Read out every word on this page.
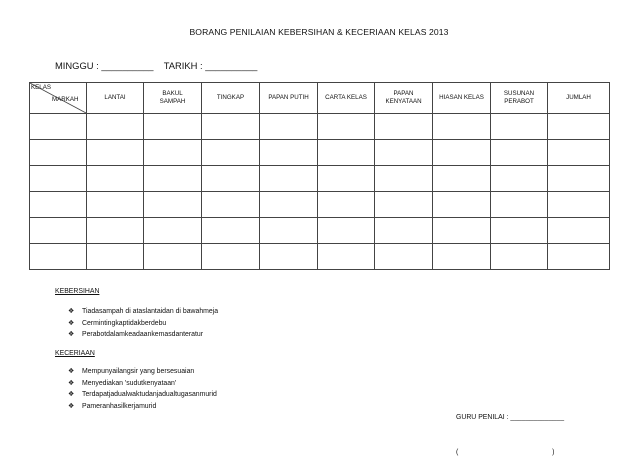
BORANG PENILAIAN KEBERSIHAN & KECERIAAN KELAS 2013
MINGGU : __________    TARIKH : __________
KELAS
MARKAH	LANTAI	BAKUL SAMPAH	TINGKAP	PAPAN PUTIH	CARTA KELAS	PAPAN KENYATAAN	HIASAN KELAS	SUSUNAN PERABOT	JUMLAH

KEBERSIHAN
❖	Tiadasampah di ataslantaidan di bawahmeja
❖	Cermintingkaptidakberdebu
❖	Perabotdalamkeadaankemasdanteratur
KECERIAAN
❖	Mempunyailangsir yang bersesuaian
❖	Menyediakan 'sudutkenyataan'
❖	Terdapatjadualwaktudanjadualtugasanmurid
❖	Pameranhasilkerjamurid

GURU PENILAI : ______________

(                                                 )
